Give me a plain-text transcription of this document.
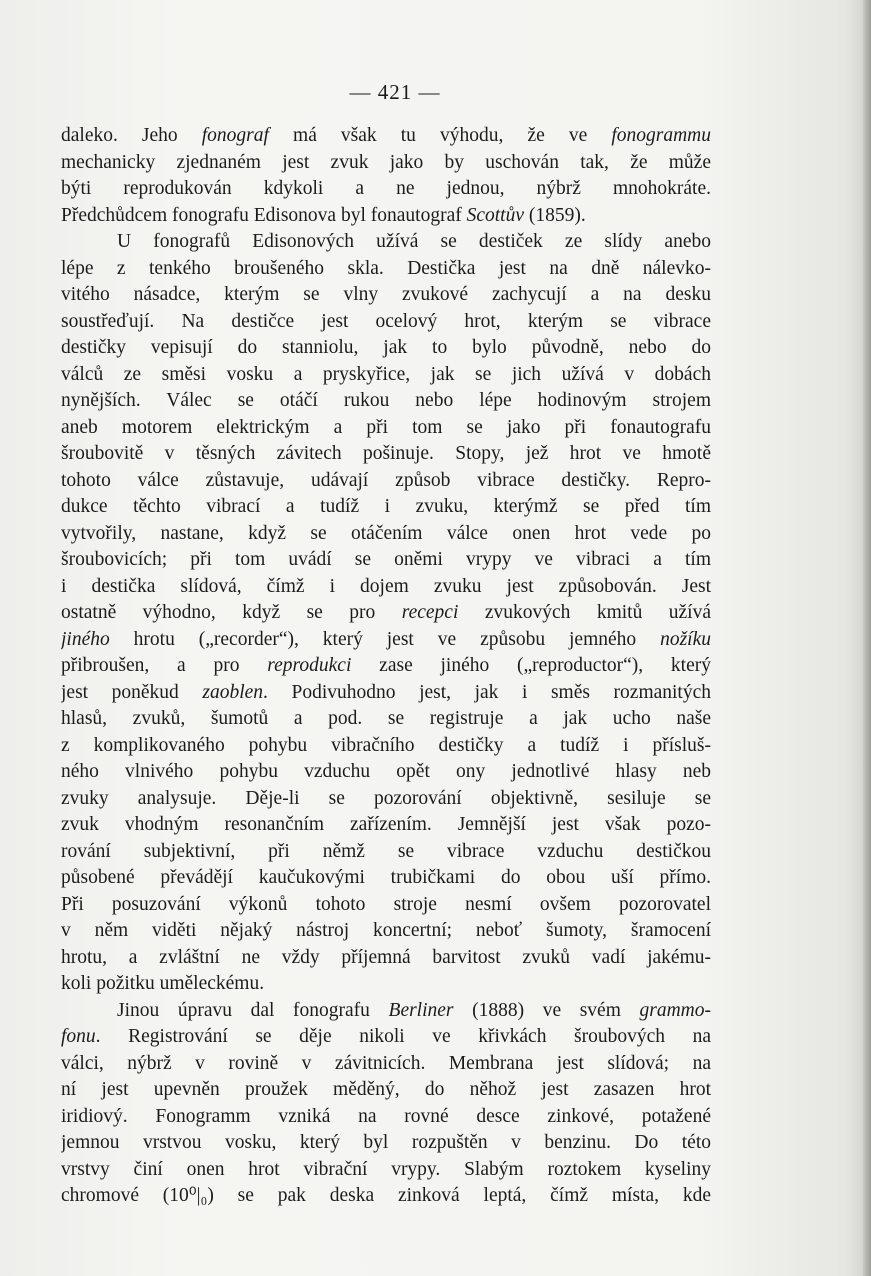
— 421 —
daleko. Jeho fonograf má však tu výhodu, že ve fonogrammu
mechanicky zjednaném jest zvuk jako by uschován tak, že může
býti reprodukován kdykoli a ne jednou, nýbrž mnohokráte.
Předchůdcem fonografu Edisonova byl fonautograf Scottův (1859).
U fonografů Edisonových užívá se destiček ze slídy anebo
lépe z tenkého broušeného skla. Destička jest na dně nálevko-
vitého násadce, kterým se vlny zvukové zachycují a na desku
soustřeďují. Na destičce jest ocelový hrot, kterým se vibrace
destičky vepisují do stanniolu, jak to bylo původně, nebo do
válců ze směsi vosku a pryskyřice, jak se jich užívá v dobách
nynějších. Válec se otáčí rukou nebo lépe hodinovým strojem
aneb motorem elektrickým a při tom se jako při fonautografu
šroubovitě v těsných závitech pošinuje. Stopy, jež hrot ve hmotě
tohoto válce zůstavuje, udávají způsob vibrace destičky. Repro-
dukce těchto vibrací a tudíž i zvuku, kterýmž se před tím
vytvořily, nastane, když se otáčením válce onen hrot vede po
šroubovicích; při tom uvádí se oněmi vrypy ve vibraci a tím
i destička slídová, čímž i dojem zvuku jest způsobován. Jest
ostatně výhodno, když se pro recepci zvukových kmitů užívá
jiného hrotu („recorder“), který jest ve způsobu jemného nožíku
přibroušen, a pro reprodukci zase jiného („reproductor“), který
jest poněkud zaoblen. Podivuhodno jest, jak i směs rozmanitých
hlasů, zvuků, šumotů a pod. se registruje a jak ucho naše
z komplikovaného pohybu vibračního destičky a tudíž i přísluš-
ného vlnivého pohybu vzduchu opět ony jednotlivé hlasy neb
zvuky analysuje. Děje-li se pozorování objektivně, sesiluje se
zvuk vhodným resonančním zařízením. Jemnější jest však pozo-
rování subjektivní, při němž se vibrace vzduchu destičkou
působené převádějí kaučukovými trubičkami do obou uší přímo.
Při posuzování výkonů tohoto stroje nesmí ovšem pozorovatel
v něm viděti nějaký nástroj koncertní; neboť šumoty, šramocení
hrotu, a zvláštní ne vždy příjemná barvitost zvuků vadí jakému-
koli požitku uměleckému.
Jinou úpravu dal fonografu Berliner (1888) ve svém grammo-
fonu. Registrování se děje nikoli ve křivkách šroubových na
válci, nýbrž v rovině v závitnicích. Membrana jest slídová; na
ní jest upevněn proužek měděný, do něhož jest zasazen hrot
iridiový. Fonogramm vzniká na rovné desce zinkové, potažené
jemnou vrstvou vosku, který byl rozpuštěn v benzinu. Do této
vrstvy činí onen hrot vibrační vrypy. Slabým roztokem kyseliny
chromové (10⁰|₀) se pak deska zinková leptá, čímž místa, kde
